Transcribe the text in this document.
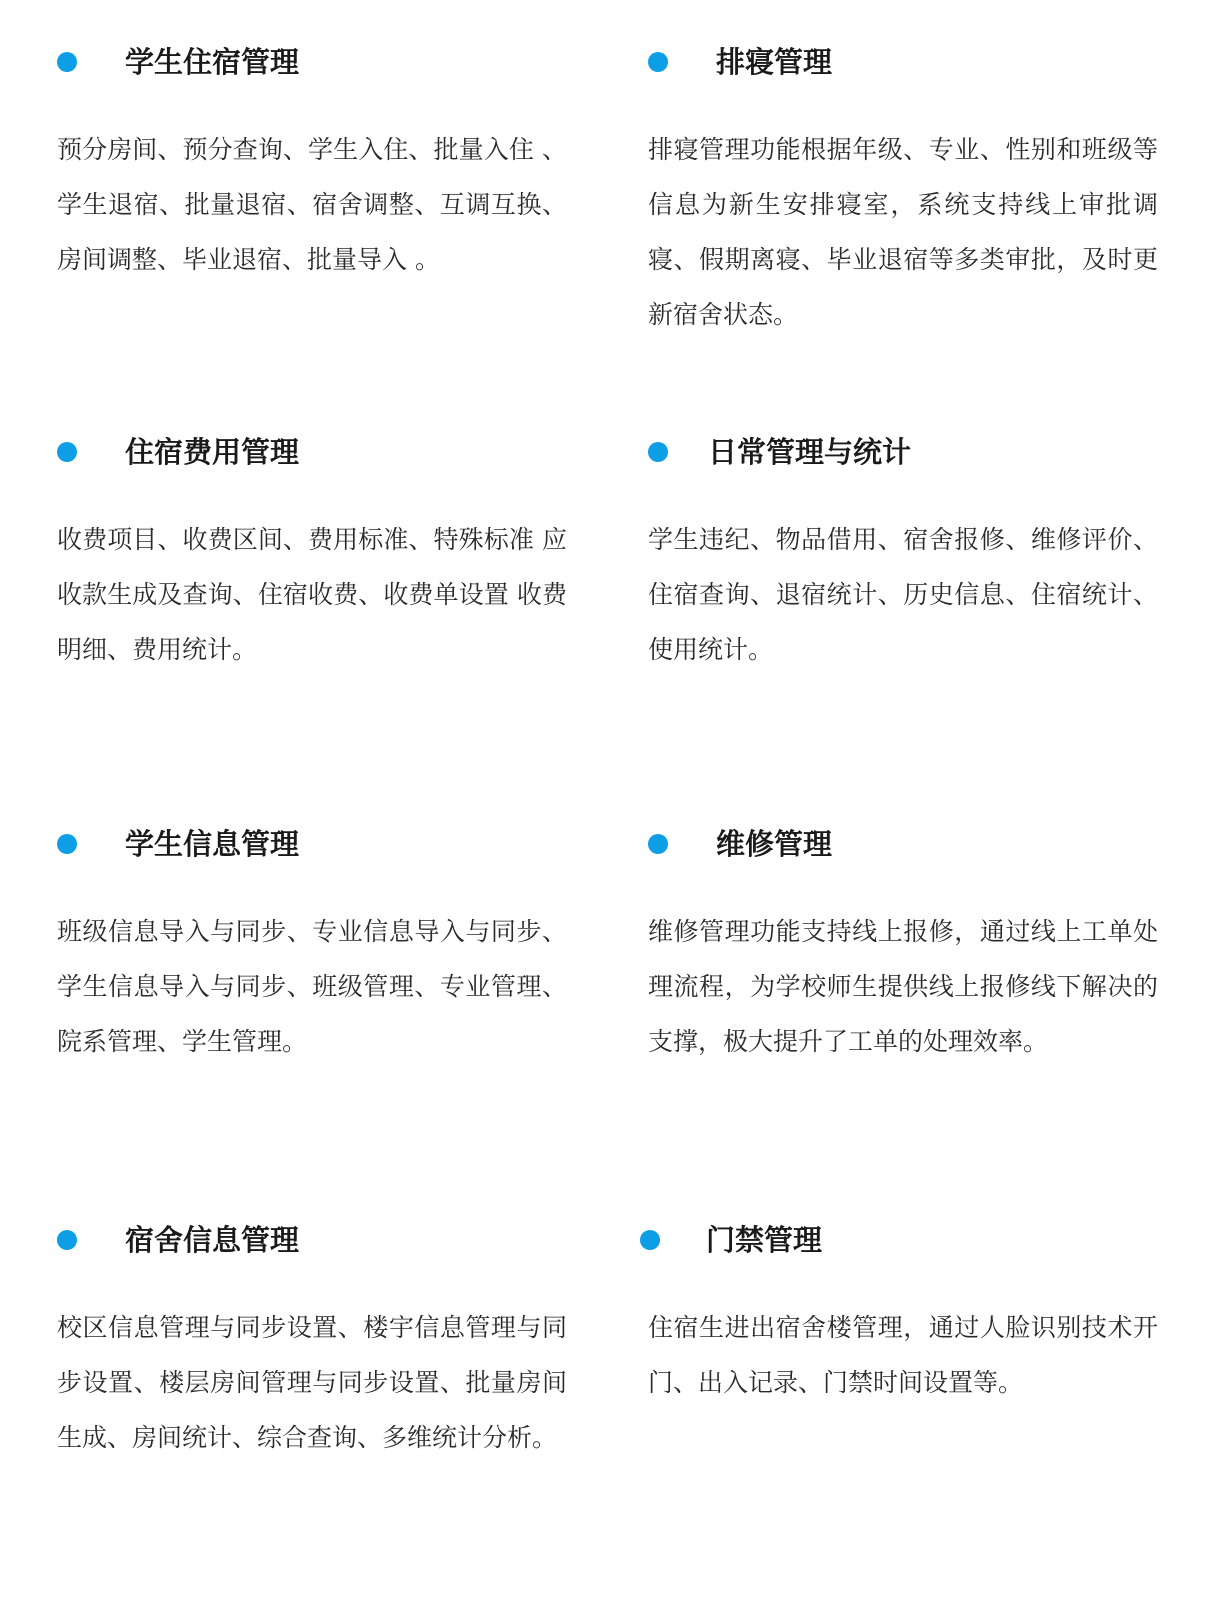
学生住宿管理
预分房间、预分查询、学生入住、批量入住 、学生退宿、批量退宿、宿舍调整、互调互换、房间调整、毕业退宿、批量导入 。
排寝管理
排寝管理功能根据年级、专业、性别和班级等信息为新生安排寝室，系统支持线上审批调寝、假期离寝、毕业退宿等多类审批，及时更新宿舍状态。
住宿费用管理
收费项目、收费区间、费用标准、特殊标准 应收款生成及查询、住宿收费、收费单设置 收费明细、费用统计。
日常管理与统计
学生违纪、物品借用、宿舍报修、维修评价、住宿查询、退宿统计、历史信息、住宿统计、使用统计。
学生信息管理
班级信息导入与同步、专业信息导入与同步、学生信息导入与同步、班级管理、专业管理、院系管理、学生管理。
维修管理
维修管理功能支持线上报修，通过线上工单处理流程，为学校师生提供线上报修线下解决的支撑，极大提升了工单的处理效率。
宿舍信息管理
校区信息管理与同步设置、楼宇信息管理与同步设置、楼层房间管理与同步设置、批量房间生成、房间统计、综合查询、多维统计分析。
门禁管理
住宿生进出宿舍楼管理，通过人脸识别技术开门、出入记录、门禁时间设置等。
